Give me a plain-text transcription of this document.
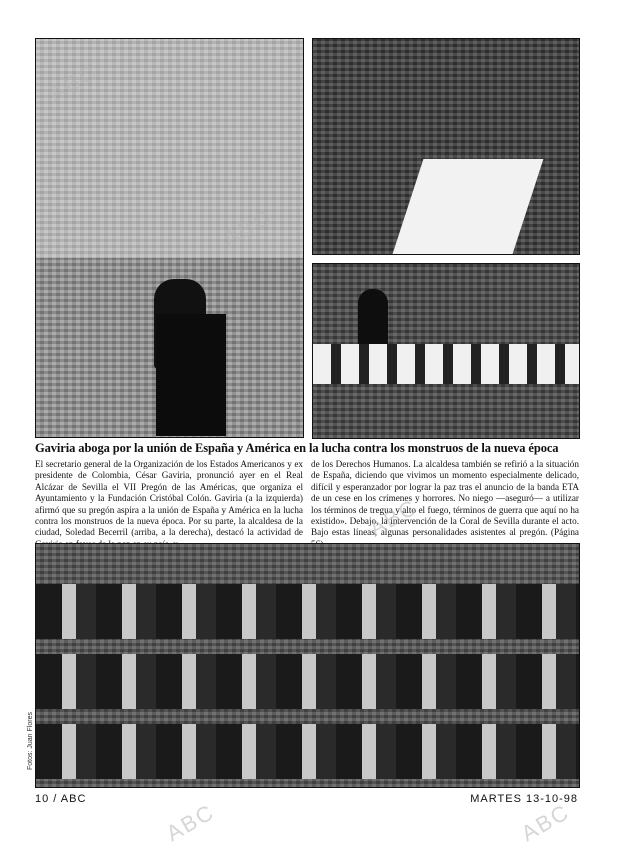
Gaviria aboga por la unión de España y América en la lucha contra los monstruos de la nueva época
El secretario general de la Organización de los Estados Americanos y ex presidente de Colombia, César Gaviria, pronunció ayer en el Real Alcázar de Sevilla el VII Pregón de las Américas, que organiza el Ayuntamiento y la Fundación Cristóbal Colón. Gaviria (a la izquierda) afirmó que su pregón aspira a la unión de España y América en la lucha contra los monstruos de la nueva época. Por su parte, la alcaldesa de la ciudad, Soledad Becerril (arriba, a la derecha), destacó la actividad de
de los Derechos Humanos. La alcaldesa también se refirió a la situación de España, diciendo que vivimos un momento especialmente delicado, difícil y esperanzador por lograr la paz tras el anuncio de la banda ETA de un cese en los crímenes y horrores. No niego —aseguró— a utilizar los términos de tregua y alto el fuego, términos de guerra que aquí no ha existido». Debajo, la intervención de la Coral de Sevilla durante el acto. Bajo estas líneas, algunas personalidades asistentes al pregón. (Página
Fotos: Juan Flores
ABC
ABC
ABC
ABC	ABC
10 / ABC	MARTES 13-10-98
